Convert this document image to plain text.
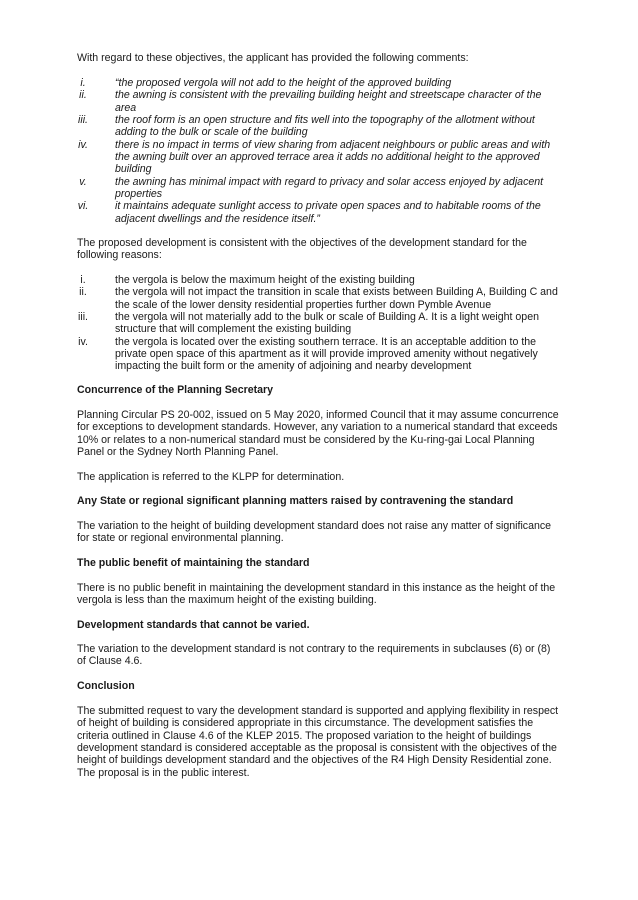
With regard to these objectives, the applicant has provided the following comments:

i.	“the proposed vergola will not add to the height of the approved building
ii.	the awning is consistent with the prevailing building height and streetscape character of the area
iii.	the roof form is an open structure and fits well into the topography of the allotment without adding to the bulk or scale of the building
iv.	there is no impact in terms of view sharing from adjacent neighbours or public areas and with the awning built over an approved terrace area it adds no additional height to the approved building
v.	the awning has minimal impact with regard to privacy and solar access enjoyed by adjacent properties
vi.	it maintains adequate sunlight access to private open spaces and to habitable rooms of the adjacent dwellings and the residence itself.”

The proposed development is consistent with the objectives of the development standard for the following reasons:

i.	the vergola is below the maximum height of the existing building
ii.	the vergola will not impact the transition in scale that exists between Building A, Building C and the scale of the lower density residential properties further down Pymble Avenue
iii.	the vergola will not materially add to the bulk or scale of Building A. It is a light weight open structure that will complement the existing building
iv.	the vergola is located over the existing southern terrace. It is an acceptable addition to the private open space of this apartment as it will provide improved amenity without negatively impacting the built form or the amenity of adjoining and nearby development

Concurrence of the Planning Secretary

Planning Circular PS 20-002, issued on 5 May 2020, informed Council that it may assume concurrence for exceptions to development standards. However, any variation to a numerical standard that exceeds 10% or relates to a non-numerical standard must be considered by the Ku-ring-gai Local Planning Panel or the Sydney North Planning Panel.

The application is referred to the KLPP for determination.

Any State or regional significant planning matters raised by contravening the standard

The variation to the height of building development standard does not raise any matter of significance for state or regional environmental planning.

The public benefit of maintaining the standard

There is no public benefit in maintaining the development standard in this instance as the height of the vergola is less than the maximum height of the existing building.

Development standards that cannot be varied.

The variation to the development standard is not contrary to the requirements in subclauses (6) or (8) of Clause 4.6.

Conclusion

The submitted request to vary the development standard is supported and applying flexibility in respect of height of building is considered appropriate in this circumstance. The development satisfies the criteria outlined in Clause 4.6 of the KLEP 2015. The proposed variation to the height of buildings development standard is considered acceptable as the proposal is consistent with the objectives of the height of buildings development standard and the objectives of the R4 High Density Residential zone. The proposal is in the public interest.
